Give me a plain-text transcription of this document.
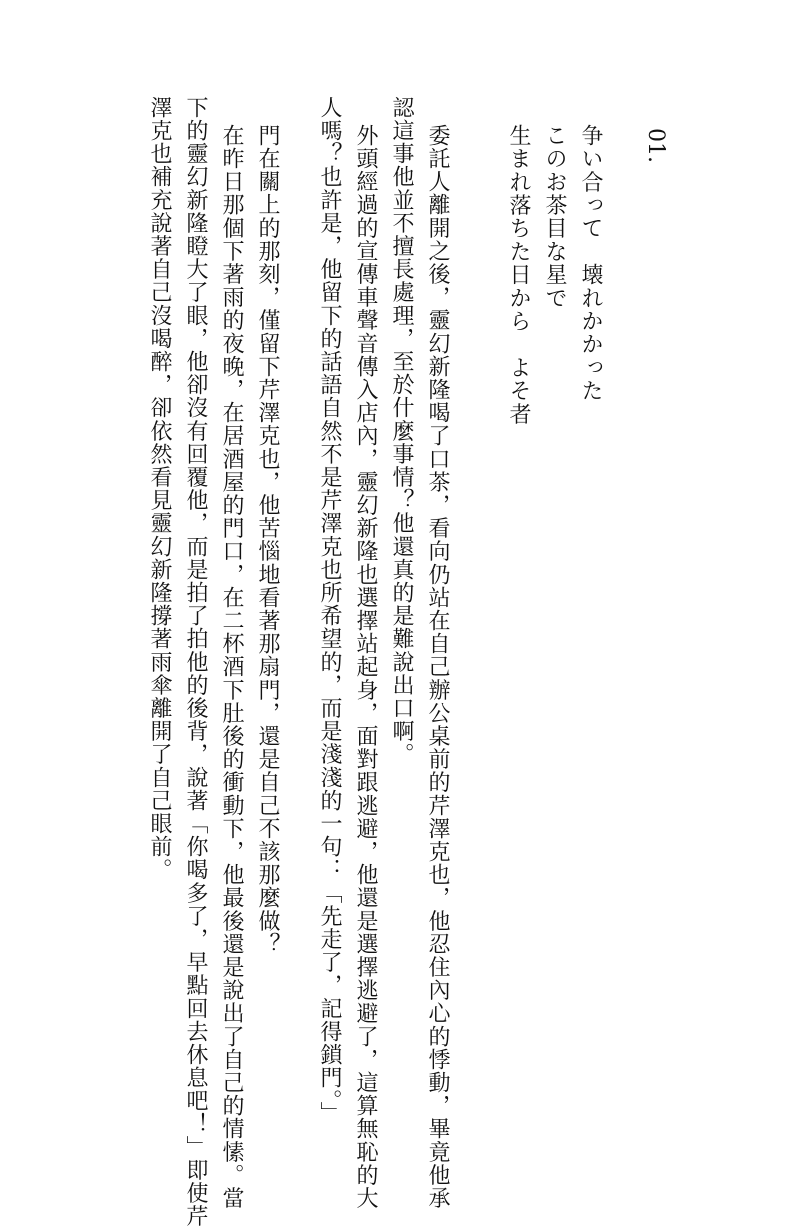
01.
争い合って　壊れかかった
このお茶目な星で
生まれ落ちた日から　よそ者
委託人離開之後，靈幻新隆喝了口茶，看向仍站在自己辦公桌前的芹澤克也，他忍住內心的悸動，畢竟他承
認這事他並不擅長處理，至於什麼事情？他還真的是難說出口啊。
外頭經過的宣傳車聲音傳入店內，靈幻新隆也選擇站起身，面對跟逃避，他還是選擇逃避了，這算無恥的大
人嗎？也許是，他留下的話語自然不是芹澤克也所希望的，而是淺淺的一句：「先走了，記得鎖門。」
門在關上的那刻，僅留下芹澤克也，他苦惱地看著那扇門，還是自己不該那麼做？
在昨日那個下著雨的夜晚，在居酒屋的門口，在二杯酒下肚後的衝動下，他最後還是說出了自己的情愫。當
下的靈幻新隆瞪大了眼，他卻沒有回覆他，而是拍了拍他的後背，說著「你喝多了，早點回去休息吧！」即使芹
澤克也補充說著自己沒喝醉，卻依然看見靈幻新隆撐著雨傘離開了自己眼前。
